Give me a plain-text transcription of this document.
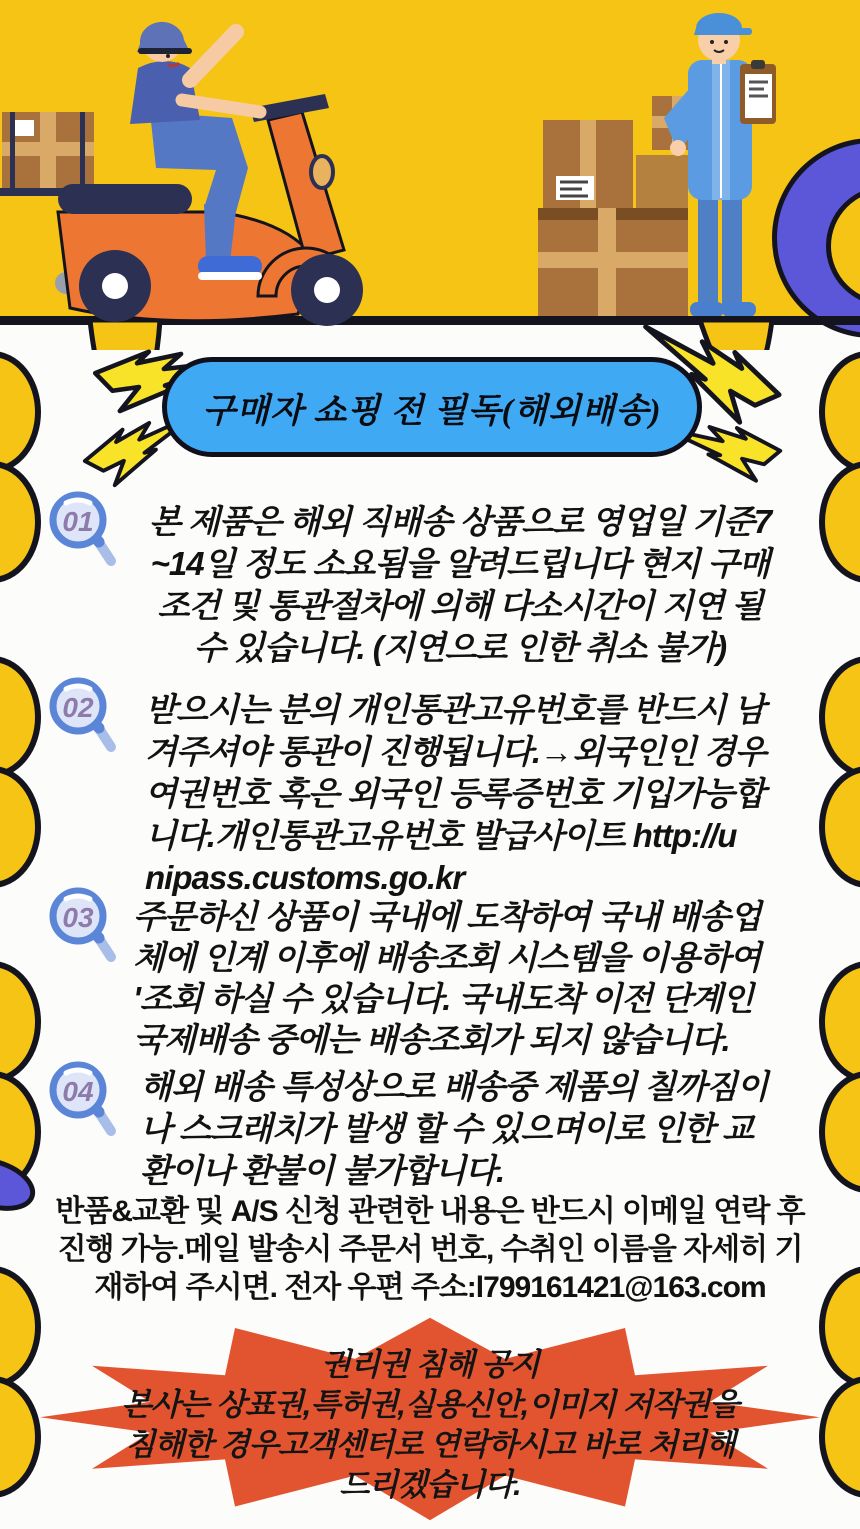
구매자 쇼핑 전 필독(해외배송)
01
02
03
04
본 제품은 해외 직배송 상품으로 영업일 기준7
~14일 정도 소요됨을 알려드립니다 현지 구매
조건 및 통관절차에 의해 다소시간이 지연 될
수 있습니다. (지연으로 인한 취소 불가)
받으시는 분의 개인통관고유번호를 반드시 남
겨주셔야 통관이 진행됩니다.→외국인인 경우
여권번호 혹은 외국인 등록증번호 기입가능합
니다.개인통관고유번호 발급사이트 http://u
nipass.customs.go.kr
주문하신 상품이 국내에 도착하여 국내 배송업
체에 인계 이후에 배송조회 시스템을 이용하여
'조회 하실 수 있습니다. 국내도착 이전 단계인
국제배송 중에는 배송조회가 되지 않습니다.
해외 배송 특성상으로 배송중 제품의 칠까짐이
나 스크래치가 발생 할 수 있으며이로 인한 교
환이나 환불이 불가합니다.
반품&교환 및 A/S 신청 관련한 내용은 반드시 이메일 연락 후
진행 가능.메일 발송시 주문서 번호, 수취인 이름을 자세히 기
재하여 주시면. 전자 우편 주소:l799161421@163.com
권리권 침해 공지
본사는 상표권,특허권,실용신안,이미지 저작권을
침해한 경우고객센터로 연락하시고 바로 처리해
드리겠습니다.
